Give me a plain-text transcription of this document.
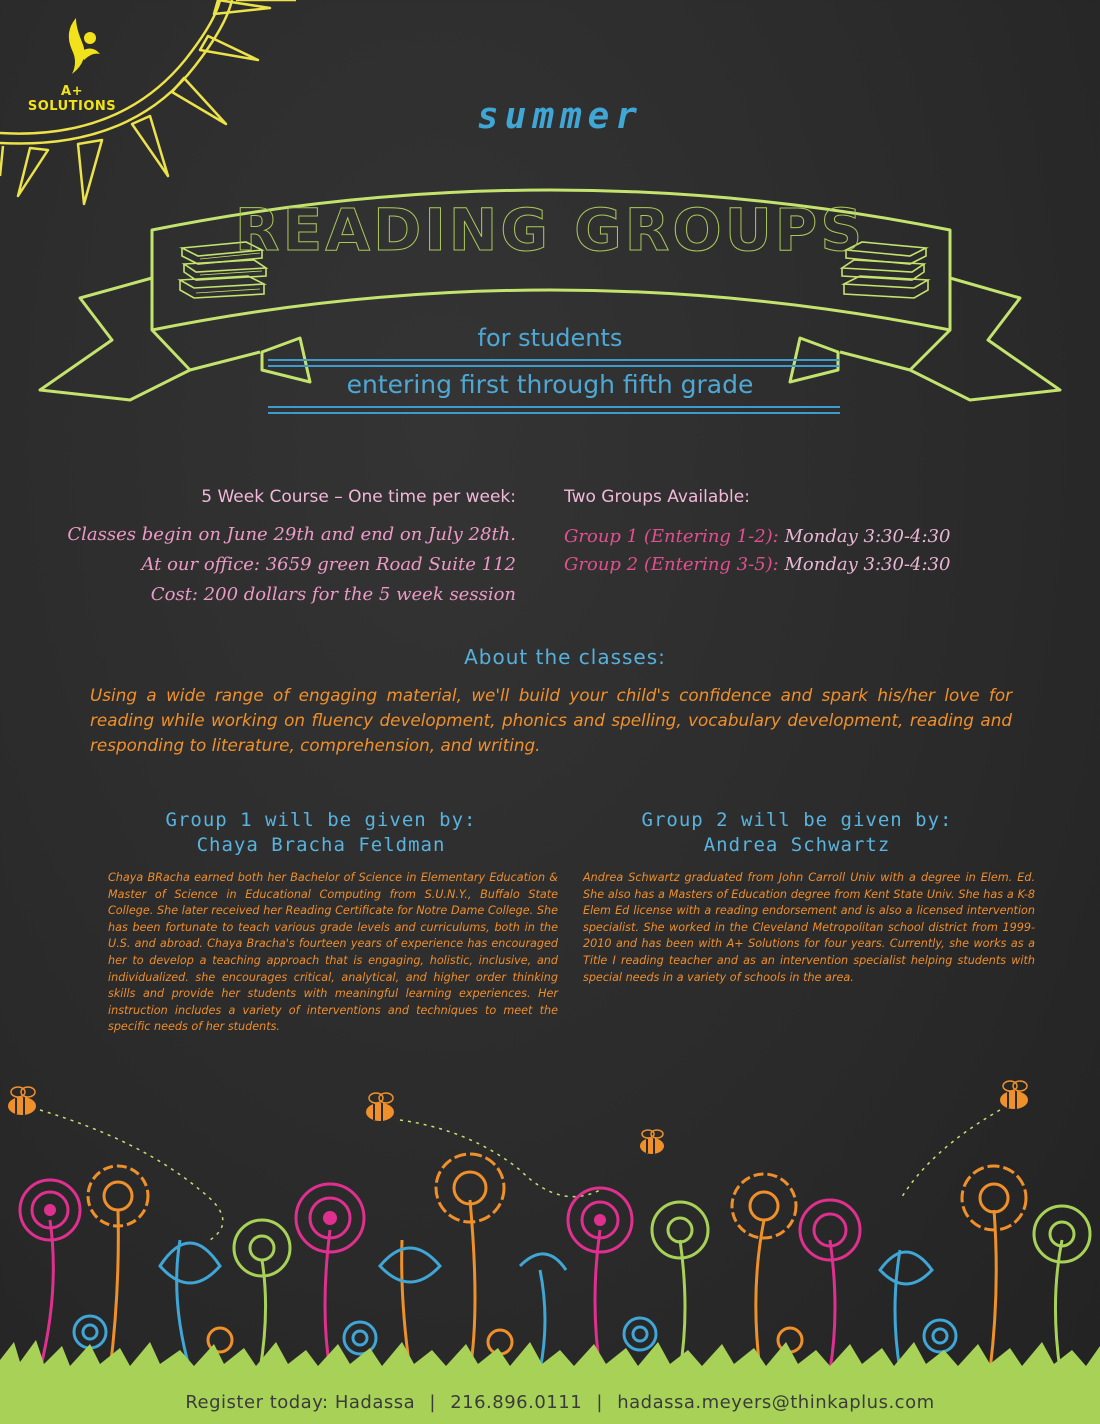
A+ SOLUTIONS	summer
READING GROUPS
for students
entering first through fifth grade
5 Week Course – One time per week:
Classes begin on June 29th and end on July 28th.
At our office: 3659 green Road Suite 112
Cost: 200 dollars for the 5 week session
Two Groups Available:
Group 1 (Entering 1-2): Monday 3:30-4:30
Group 2 (Entering 3-5): Monday 3:30-4:30
About the classes:
Using a wide range of engaging material, we'll build your child's confidence and spark his/her love for reading while working on fluency development, phonics and spelling, vocabulary development, reading and responding to literature, comprehension, and writing.
Group 1 will be given by:
Chaya Bracha Feldman
Chaya BRacha earned both her Bachelor of Science in Elementary Education & Master of Science in Educational Computing from S.U.N.Y., Buffalo State College. She later received her Reading Certificate for Notre Dame College. She has been fortunate to teach various grade levels and curriculums, both in the U.S. and abroad. Chaya Bracha's fourteen years of experience has encouraged her to develop a teaching approach that is engaging, holistic, inclusive, and individualized. she encourages critical, analytical, and higher order thinking skills and provide her students with meaningful learning experiences. Her instruction includes a variety of interventions and techniques to meet the specific needs of her students.
Group 2 will be given by:
Andrea Schwartz
Andrea Schwartz graduated from John Carroll Univ with a degree in Elem. Ed. She also has a Masters of Education degree from Kent State Univ. She has a K-8 Elem Ed license with a reading endorsement and is also a licensed intervention specialist. She worked in the Cleveland Metropolitan school district from 1999-2010 and has been with A+ Solutions for four years. Currently, she works as a Title I reading teacher and as an intervention specialist helping students with special needs in a variety of schools in the area.
Register today: Hadassa | 216.896.0111 | hadassa.meyers@thinkaplus.com
